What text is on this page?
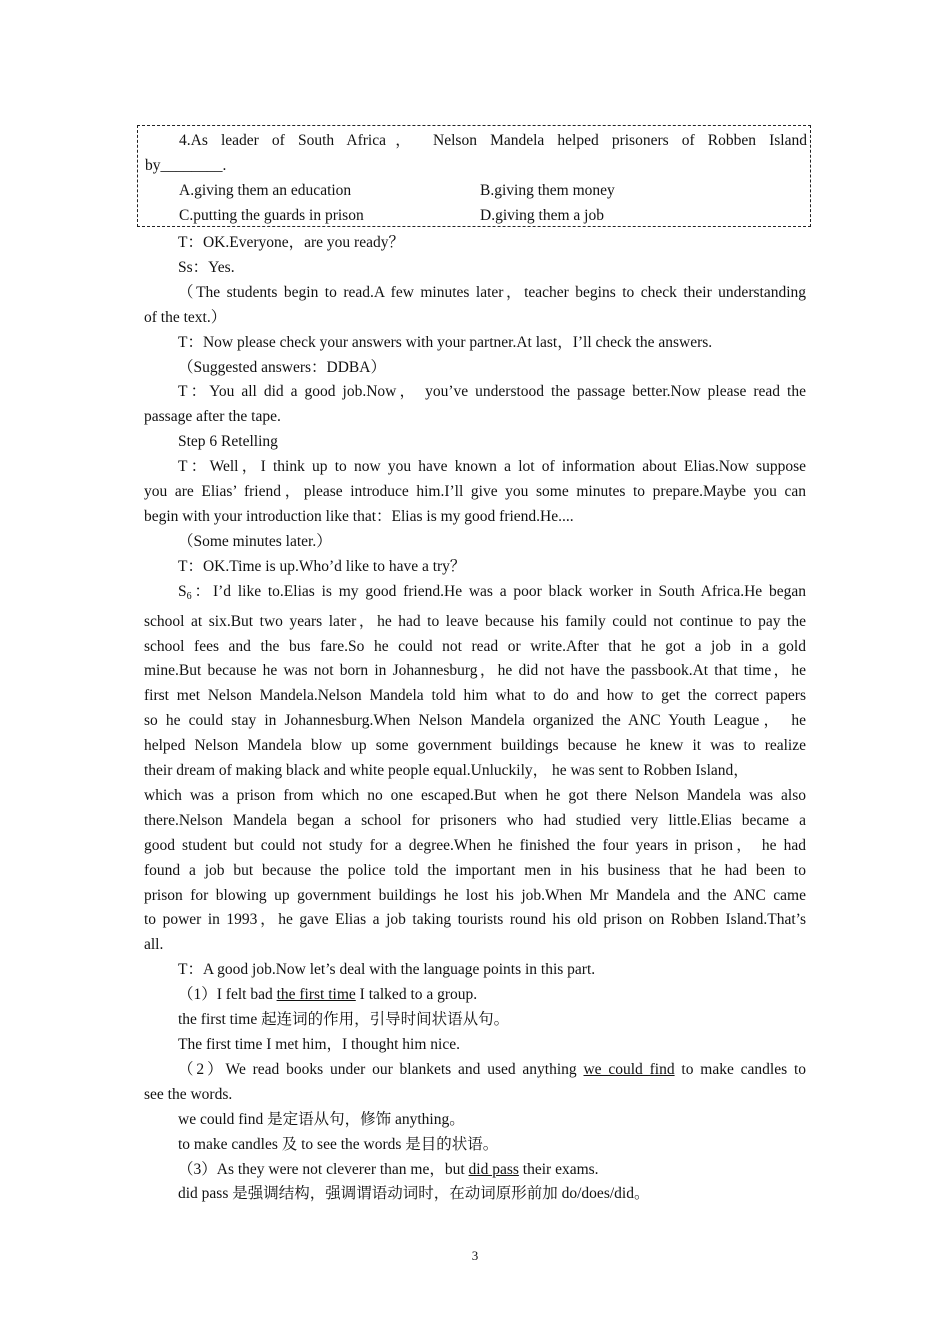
4.As leader of South Africa， Nelson Mandela helped prisoners of Robben Island
by________.
A.giving them an education	B.giving them money
C.putting the guards in prison	D.giving them a job
T：OK.Everyone，are you ready？
Ss：Yes.
（The students begin to read.A few minutes later，teacher begins to check their understanding
of the text.）
T：Now please check your answers with your partner.At last，I’ll check the answers.
（Suggested answers：DDBA）
T：You all did a good job.Now， you’ve understood the passage better.Now please read the
passage after the tape.
Step 6 Retelling
T：Well，I think up to now you have known a lot of information about Elias.Now suppose
you are Elias’ friend，please introduce him.I’ll give you some minutes to prepare.Maybe you can
begin with your introduction like that：Elias is my good friend.He....
（Some minutes later.）
T：OK.Time is up.Who’d like to have a try？
$S_6$：I’d like to.Elias is my good friend.He was a poor black worker in South Africa.He began
school at six.But two years later，he had to leave because his family could not continue to pay the
school fees and the bus fare.So he could not read or write.After that he got a job in a gold
mine.But because he was not born in Johannesburg，he did not have the passbook.At that time，he
first met Nelson Mandela.Nelson Mandela told him what to do and how to get the correct papers
so he could stay in Johannesburg.When Nelson Mandela organized the ANC Youth League， he
helped Nelson Mandela blow up some government buildings because he knew it was to realize
their dream of making black and white people equal.Unluckily， he was sent to Robben Island，
which was a prison from which no one escaped.But when he got there Nelson Mandela was also
there.Nelson Mandela began a school for prisoners who had studied very little.Elias became a
good student but could not study for a degree.When he finished the four years in prison， he had
found a job but because the police told the important men in his business that he had been to
prison for blowing up government buildings he lost his job.When Mr Mandela and the ANC came
to power in 1993，he gave Elias a job taking tourists round his old prison on Robben Island.That’s
all.
T：A good job.Now let’s deal with the language points in this part.
（1）I felt bad the first time I talked to a group.
the first time 起连词的作用，引导时间状语从句。
The first time I met him，I thought him nice.
（2）We read books under our blankets and used anything we could find to make candles to
see the words.
we could find 是定语从句，修饰 anything。
to make candles 及 to see the words 是目的状语。
（3）As they were not cleverer than me，but did pass their exams.
did pass 是强调结构，强调谓语动词时，在动词原形前加 do/does/did。
3
